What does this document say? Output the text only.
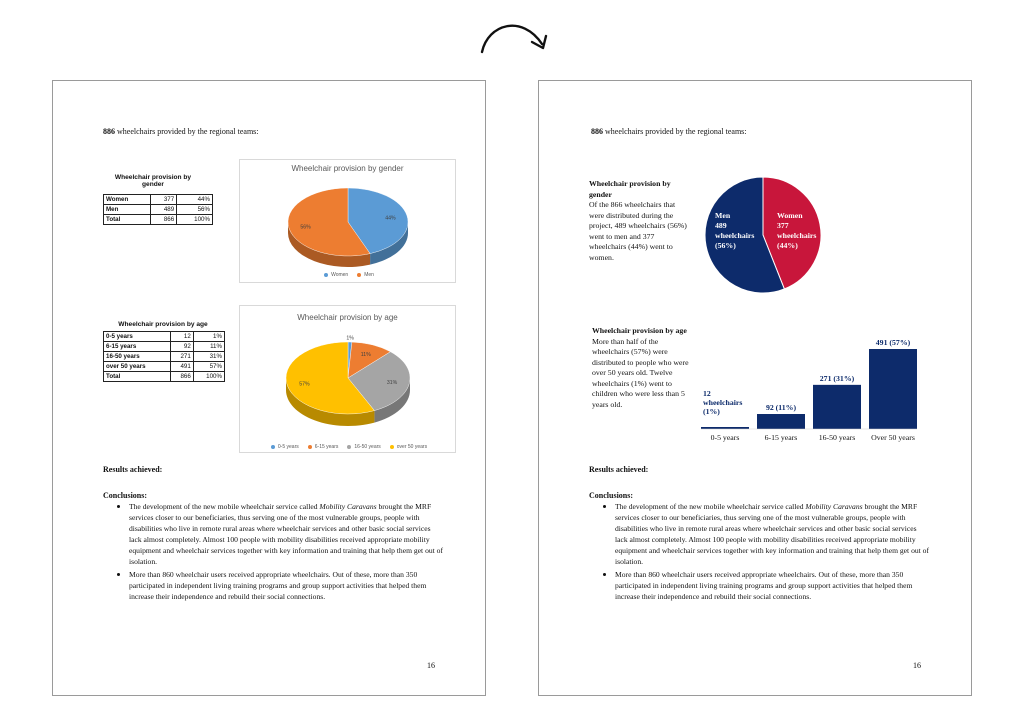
886 wheelchairs provided by the regional teams:
Wheelchair provision by gender
Women	377	44%
Men	489	56%
Total	866	100%
Wheelchair provision by gender
44%
56%
Women	Men
Wheelchair provision by age
0-5 years	12	1%
6-15 years	92	11%
16-50 years	271	31%
over 50 years	491	57%
Total	866	100%
Wheelchair provision by age
1%
11%
31%
57%
0-5 years	6-15 years	16-50 years	over 50 years
Results achieved:
Conclusions:
The development of the new mobile wheelchair service called Mobility Caravans brought the MRF services closer to our beneficiaries, thus serving one of the most vulnerable groups, people with disabilities who live in remote rural areas where wheelchair services and other basic social services lack almost completely. Almost 100 people with mobility disabilities received appropriate mobility equipment and wheelchair services together with key information and training that help them get out of isolation.
More than 860 wheelchair users received appropriate wheelchairs. Out of these, more than 350 participated in independent living training programs and group support activities that helped them increase their independence and rebuild their social connections.
16
886 wheelchairs provided by the regional teams:
Wheelchair provision by gender
Of the 866 wheelchairs that were distributed during the project, 489 wheelchairs (56%) went to men and 377 wheelchairs (44%) went to women.
Men
489
wheelchairs
(56%)
Women
377
wheelchairs
(44%)
Wheelchair provision by age
More than half of the wheelchairs (57%) were distributed to people who were over 50 years old. Twelve wheelchairs (1%) went to children who were less than 5 years old.
0-5 years
12
wheelchairs
(1%)
6-15 years
92 (11%)
16-50 years
271 (31%)
Over 50 years
491 (57%)
Results achieved:
Conclusions:
The development of the new mobile wheelchair service called Mobility Caravans brought the MRF services closer to our beneficiaries, thus serving one of the most vulnerable groups, people with disabilities who live in remote rural areas where wheelchair services and other basic social services lack almost completely. Almost 100 people with mobility disabilities received appropriate mobility equipment and wheelchair services together with key information and training that help them get out of isolation.
More than 860 wheelchair users received appropriate wheelchairs. Out of these, more than 350 participated in independent living training programs and group support activities that helped them increase their independence and rebuild their social connections.
16
